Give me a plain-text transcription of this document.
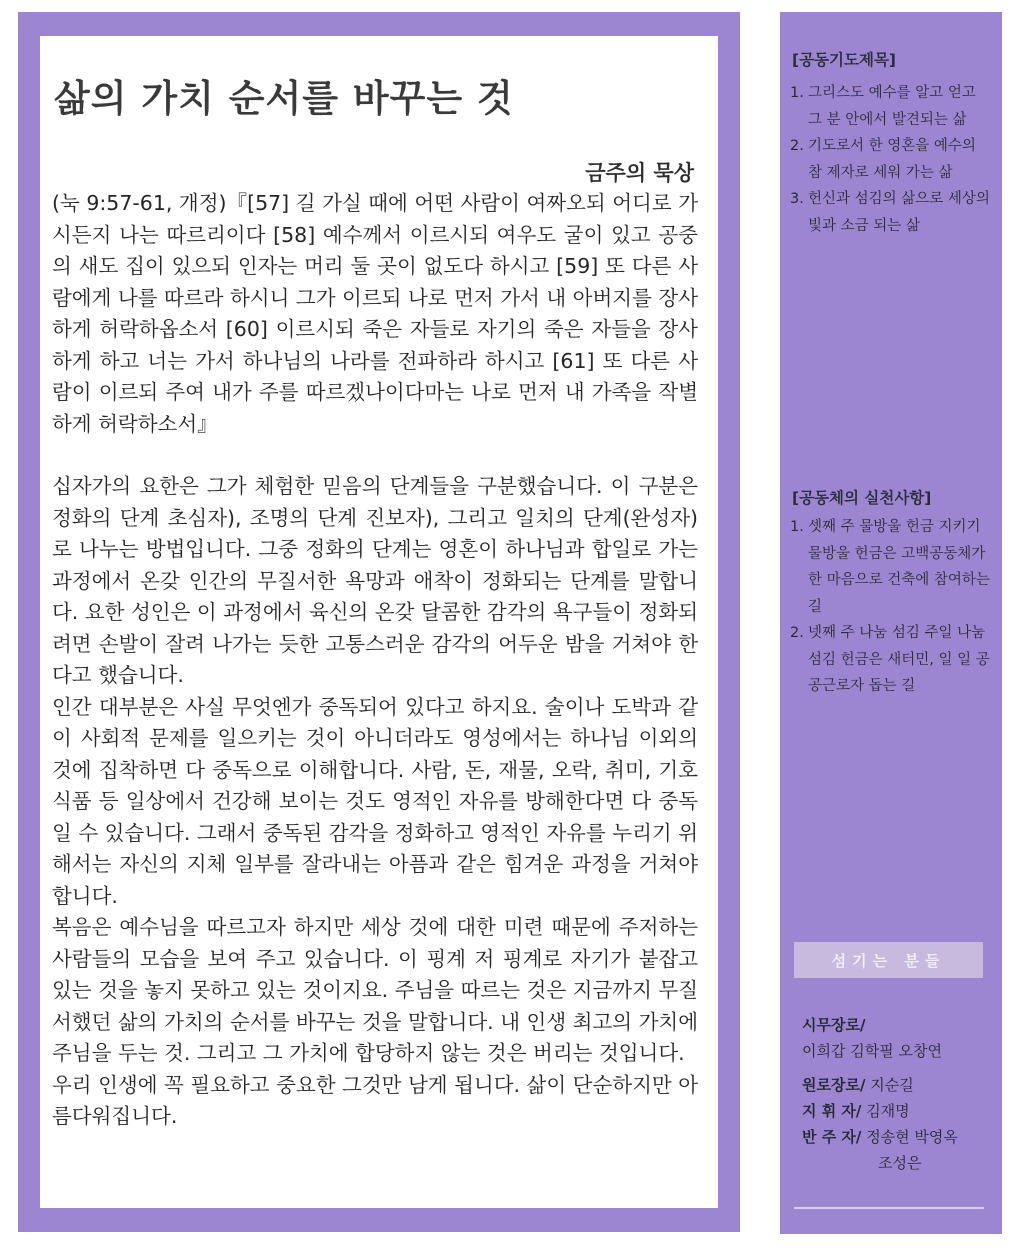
삶의 가치 순서를 바꾸는 것
금주의 묵상

(눅 9:57-61, 개정)『[57] 길 가실 때에 어떤 사람이 여짜오되 어디로 가시든지 나는 따르리이다 [58] 예수께서 이르시되 여우도 굴이 있고 공중의 새도 집이 있으되 인자는 머리 둘 곳이 없도다 하시고 [59] 또 다른 사람에게 나를 따르라 하시니 그가 이르되 나로 먼저 가서 내 아버지를 장사하게 허락하옵소서 [60] 이르시되 죽은 자들로 자기의 죽은 자들을 장사하게 하고 너는 가서 하나님의 나라를 전파하라 하시고 [61] 또 다른 사람이 이르되 주여 내가 주를 따르겠나이다마는 나로 먼저 내 가족을 작별하게 허락하소서』

십자가의 요한은 그가 체험한 믿음의 단계들을 구분했습니다. 이 구분은 정화의 단계 초심자), 조명의 단계 진보자), 그리고 일치의 단계(완성자)로 나누는 방법입니다. 그중 정화의 단계는 영혼이 하나님과 합일로 가는 과정에서 온갖 인간의 무질서한 욕망과 애착이 정화되는 단계를 말합니다. 요한 성인은 이 과정에서 육신의 온갖 달콤한 감각의 욕구들이 정화되려면 손발이 잘려 나가는 듯한 고통스러운 감각의 어두운 밤을 거쳐야 한다고 했습니다.

인간 대부분은 사실 무엇엔가 중독되어 있다고 하지요. 술이나 도박과 같이 사회적 문제를 일으키는 것이 아니더라도 영성에서는 하나님 이외의 것에 집착하면 다 중독으로 이해합니다. 사람, 돈, 재물, 오락, 취미, 기호 식품 등 일상에서 건강해 보이는 것도 영적인 자유를 방해한다면 다 중독일 수 있습니다. 그래서 중독된 감각을 정화하고 영적인 자유를 누리기 위해서는 자신의 지체 일부를 잘라내는 아픔과 같은 힘겨운 과정을 거쳐야 합니다.

복음은 예수님을 따르고자 하지만 세상 것에 대한 미련 때문에 주저하는 사람들의 모습을 보여 주고 있습니다. 이 핑계 저 핑계로 자기가 붙잡고 있는 것을 놓지 못하고 있는 것이지요. 주님을 따르는 것은 지금까지 무질서했던 삶의 가치의 순서를 바꾸는 것을 말합니다. 내 인생 최고의 가치에 주님을 두는 것. 그리고 그 가치에 합당하지 않는 것은 버리는 것입니다.

우리 인생에 꼭 필요하고 중요한 그것만 남게 됩니다. 삶이 단순하지만 아름다워집니다.

[공동기도제목]
1. 그리스도 예수를 알고 얻고 그 분 안에서 발견되는 삶
2. 기도로서 한 영혼을 예수의 참 제자로 세워 가는 삶
3. 헌신과 섬김의 삶으로 세상의 빛과 소금 되는 삶
[공동체의 실천사항]
1. 셋째 주 물방울 헌금 지키기 물방울 헌금은 고백공동체가 한 마음으로 건축에 참여하는 길
2. 넷째 주 나눔 섬김 주일 나눔 섬김 헌금은 새터민, 일 일 공공근로자 돕는 길
섬기는 분들
시무장로/
이희갑 김학필 오창연
원로장로/ 지순길
지 휘 자/ 김재명
반 주 자/ 정송현 박영옥
조성은
